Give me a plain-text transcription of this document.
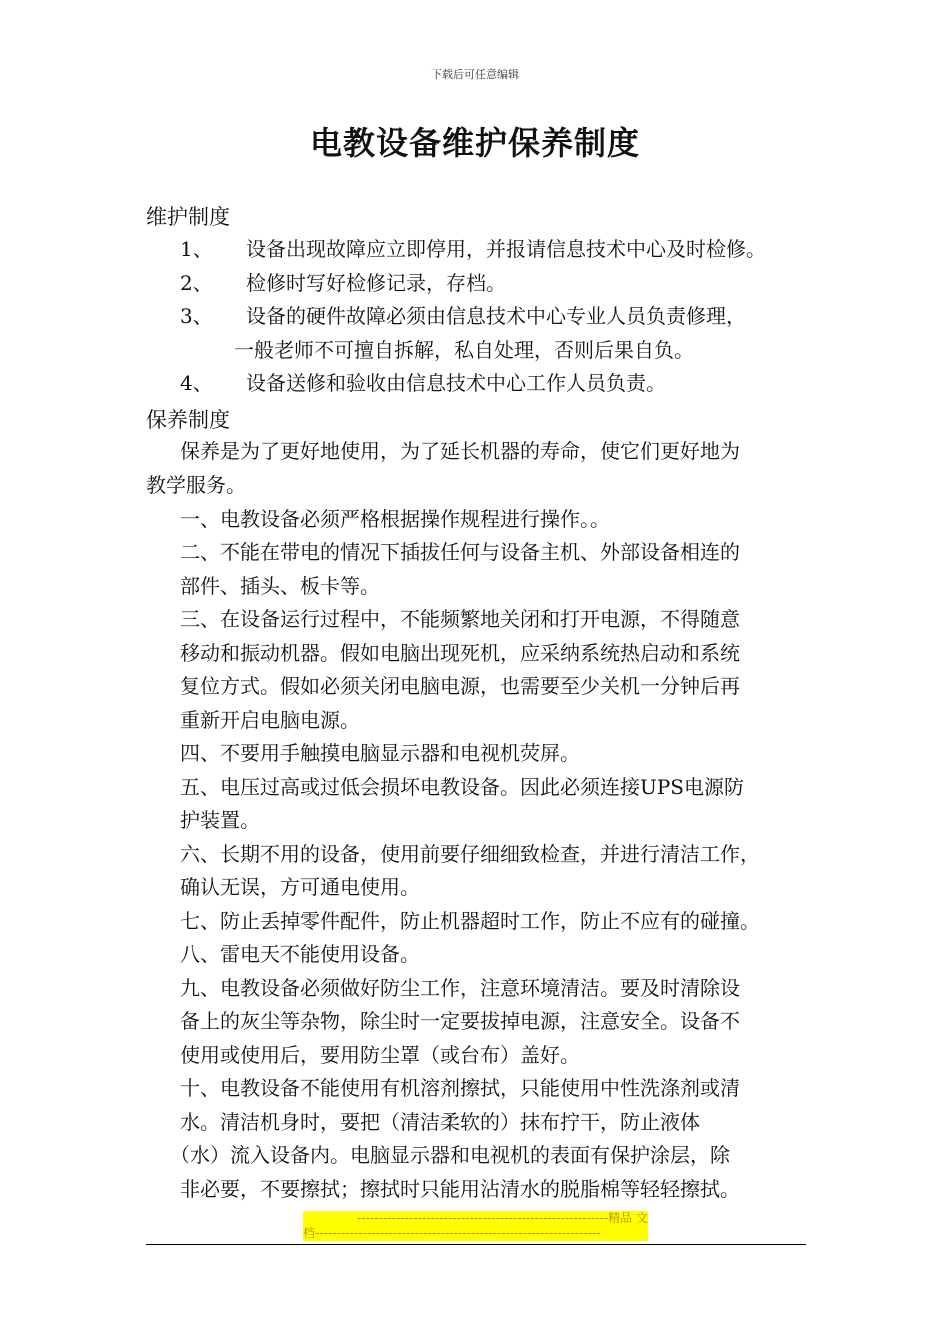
下载后可任意编辑
电教设备维护保养制度
维护制度
1、 设备出现故障应立即停用，并报请信息技术中心及时检修。
2、 检修时写好检修记录，存档。
3、 设备的硬件故障必须由信息技术中心专业人员负责修理，
一般老师不可擅自拆解，私自处理，否则后果自负。
4、 设备送修和验收由信息技术中心工作人员负责。
保养制度
保养是为了更好地使用，为了延长机器的寿命，使它们更好地为
教学服务。
一、电教设备必须严格根据操作规程进行操作。。
二、不能在带电的情况下插拔任何与设备主机、外部设备相连的
部件、插头、板卡等。
三、在设备运行过程中，不能频繁地关闭和打开电源，不得随意
移动和振动机器。假如电脑出现死机，应采纳系统热启动和系统
复位方式。假如必须关闭电脑电源，也需要至少关机一分钟后再
重新开启电脑电源。
四、不要用手触摸电脑显示器和电视机荧屏。
五、电压过高或过低会损坏电教设备。因此必须连接UPS电源防
护装置。
六、长期不用的设备，使用前要仔细细致检查，并进行清洁工作，
确认无误，方可通电使用。
七、防止丢掉零件配件，防止机器超时工作，防止不应有的碰撞。
八、雷电天不能使用设备。
九、电教设备必须做好防尘工作，注意环境清洁。要及时清除设
备上的灰尘等杂物，除尘时一定要拔掉电源，注意安全。设备不
使用或使用后，要用防尘罩（或台布）盖好。
十、电教设备不能使用有机溶剂擦拭，只能使用中性洗涤剂或清
水。清洁机身时，要把（清洁柔软的）抹布拧干，防止液体
（水）流入设备内。电脑显示器和电视机的表面有保护涂层，除
非必要，不要擦拭；擦拭时只能用沾清水的脱脂棉等轻轻擦拭。
----------------------------------------------------------精品 文
档------------------------------------------------------------------
